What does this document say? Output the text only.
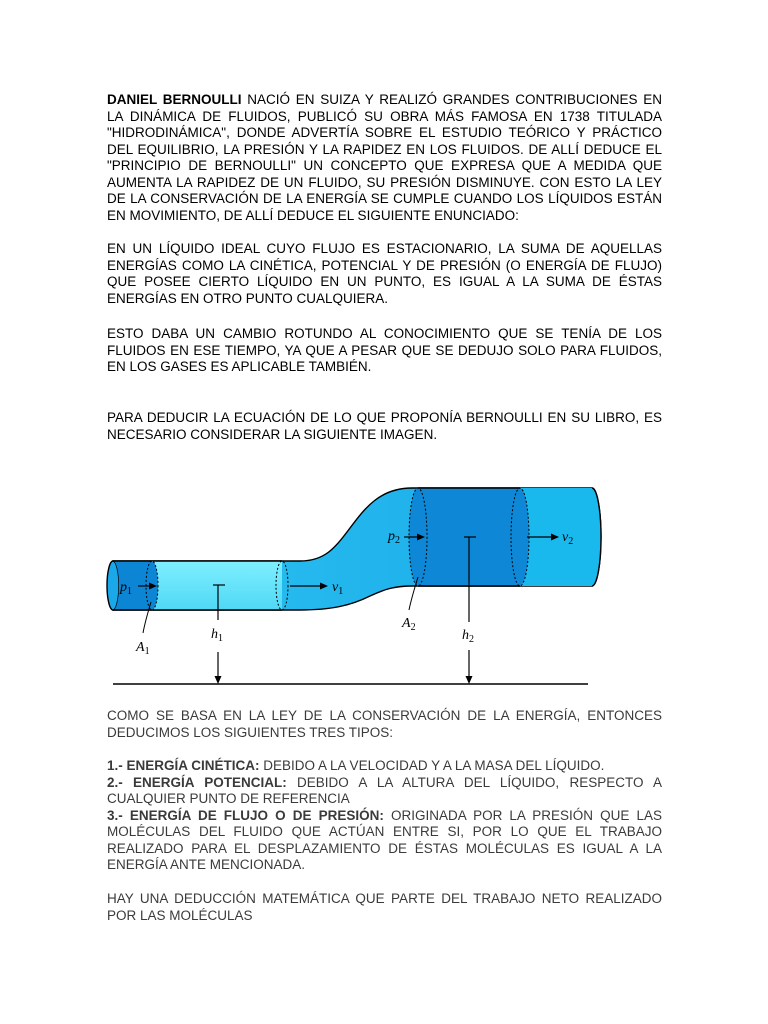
DANIEL BERNOULLI NACIÓ EN SUIZA Y REALIZÓ GRANDES CONTRIBUCIONES EN LA DINÁMICA DE FLUIDOS, PUBLICÓ SU OBRA MÁS FAMOSA EN 1738 TITULADA "HIDRODINÁMICA", DONDE ADVERTÍA SOBRE EL ESTUDIO TEÓRICO Y PRÁCTICO DEL EQUILIBRIO, LA PRESIÓN Y LA RAPIDEZ EN LOS FLUIDOS. DE ALLÍ DEDUCE EL "PRINCIPIO DE BERNOULLI" UN CONCEPTO QUE EXPRESA QUE A MEDIDA QUE AUMENTA LA RAPIDEZ DE UN FLUIDO, SU PRESIÓN DISMINUYE. CON ESTO LA LEY DE LA CONSERVACIÓN DE LA ENERGÍA SE CUMPLE CUANDO LOS LÍQUIDOS ESTÁN EN MOVIMIENTO, DE ALLÍ DEDUCE EL SIGUIENTE ENUNCIADO:
EN UN LÍQUIDO IDEAL CUYO FLUJO ES ESTACIONARIO, LA SUMA DE AQUELLAS ENERGÍAS COMO LA CINÉTICA, POTENCIAL Y DE PRESIÓN (O ENERGÍA DE FLUJO) QUE POSEE CIERTO LÍQUIDO EN UN PUNTO, ES IGUAL A LA SUMA DE ÉSTAS ENERGÍAS EN OTRO PUNTO CUALQUIERA.
ESTO DABA UN CAMBIO ROTUNDO AL CONOCIMIENTO QUE SE TENÍA DE LOS FLUIDOS EN ESE TIEMPO, YA QUE A PESAR QUE SE DEDUJO SOLO PARA FLUIDOS, EN LOS GASES ES APLICABLE TAMBIÉN.
PARA DEDUCIR LA ECUACIÓN DE LO QUE PROPONÍA BERNOULLI EN SU LIBRO, ES NECESARIO CONSIDERAR LA SIGUIENTE IMAGEN.
$p_1$
$h_1$
$v_1$
$A_1$
$p_2$
$h_2$
$v_2$
$A_2$
COMO SE BASA EN LA LEY DE LA CONSERVACIÓN DE LA ENERGÍA, ENTONCES DEDUCIMOS LOS SIGUIENTES TRES TIPOS:

1.- ENERGÍA CINÉTICA: DEBIDO A LA VELOCIDAD Y A LA MASA DEL LÍQUIDO.

2.- ENERGÍA POTENCIAL: DEBIDO A LA ALTURA DEL LÍQUIDO, RESPECTO A CUALQUIER PUNTO DE REFERENCIA

3.- ENERGÍA DE FLUJO O DE PRESIÓN: ORIGINADA POR LA PRESIÓN QUE LAS MOLÉCULAS DEL FLUIDO QUE ACTÚAN ENTRE SI, POR LO QUE EL TRABAJO REALIZADO PARA EL DESPLAZAMIENTO DE ÉSTAS MOLÉCULAS ES IGUAL A LA ENERGÍA ANTE MENCIONADA.

HAY UNA DEDUCCIÓN MATEMÁTICA QUE PARTE DEL TRABAJO NETO REALIZADO POR LAS MOLÉCULAS
